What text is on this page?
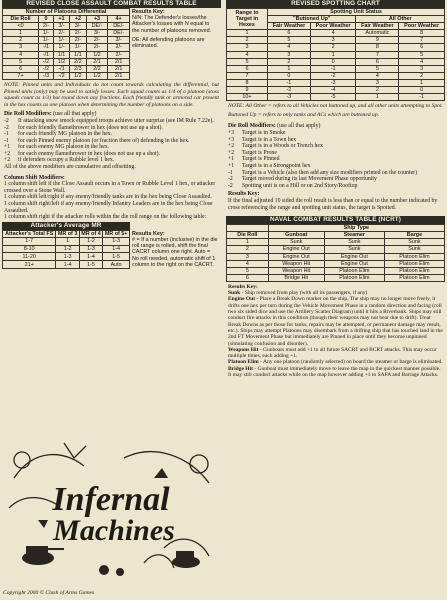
REVISED CLOSE ASSAULT COMBAT RESULTS TABLE
Number of Platoons Differential					
Die Roll	0	+1	+2	+3	4+
<0	2/-	3/-	3/-	DE/-	DE/-
1	1/-	2/-	2/-	3/-	DE/-
2	1/-	1/-	2/-	2/-	3/-
3	-/1	1/-	1/-	2/-	2/-
4	-/1	1/1	1/1	1/2	2/-
5	-/2	1/2	2/2	2/1	2/1
6	-/2	-/1	2/3	2/2	2/1
7+	-/3	-/2	1/2	1/2	2/1
Results Key:
N/N: The Defender's losses/the Attacker's losses with N equal to the number of platoons removed.
DE: All defending platoons are eliminated.
NOTE: Pinned units and Individuals do not count towards calculating the differential, but Pinned units (only) may be used to satisfy losses. Each squad counts as 1/4 of a platoon (stoss squads count as 1/3) but round down any fractions. Each friendly tank or armored car present in the hex counts as one platoon when determining the number of platoons on a side.
Die Roll Modifiers: (use all that apply)
-2	If attacking snow smock equipped troops achieve utter surprise (see IM Rule 7.22e).
-2	for each friendly flamethrower in hex (does not use up a shot).
-1	for each friendly MG platoon in the hex.
-1	for each Pinned enemy platoon (or fraction there of) defending in the hex.
+1	for each enemy MG platoon in the hex.
+2	for each enemy flamethrower in hex (does not use up a shot).
+2	if defenders occupy a Rubble level 1 hex.
All of the above modifiers are cumulative and offsetting.
Column Shift Modifiers:
1 column shift left if the Close Assault occurs in a Town or Rubble Level 1 hex, or attacker crossed over a Stone Wall.
1 column shift left/right if any enemy/friendly tanks are in the hex being Close Assaulted.
1 column shift right/left if any enemy/friendly Infantry Leaders are in the hex being Close Assaulted.
1 column shift right if the attacker rolls within the die roll range on the following table:
Attacker's Average MR
Attacker's Total FS	MR of 3	MR of 4	MR of 5+
1-7	1	1-2	1-3
8-10	1-2	1-3	1-4
11-20	1-3	1-4	1-5
21+	1-4	1-5	Auto
Results Key:
# = If a number (inclusive) in the die roll range is rolled, shift the final CACRT column one right. Auto = No roll needed, automatic shift of 1 column to the right on the CACRT.
Infernal
Machines
Copyright 2000 © Clash of Arms Games
REVISED SPOTTING CHART
Range to Target in Hexes	Spotting Unit Status			
	"Buttoned Up"		All Other	
	Fair Weather	Poor Weather	Fair Weather	Poor Weather
1	6	4	Automatic	8
2	5	3	9	7
3	4	2	8	6
4	3	1	7	5
5	2	0	6	4
6	1	-1	5	3
7	0	-2	4	2
8	-1	-3	3	1
9	-2	-4	2	0
10+	-3	-5	1	-1
NOTE: All Other = refers to all Vehicles not buttoned up, and all other units attempting to Spot.
Buttoned Up = refers to only tanks and ACs which are buttoned up.
Die Roll Modifiers: (use all that apply)
+3	Target is in Smoke
+3	Target is in a Town hex
+2	Target is in a Woods or Trench hex
+2	Target is Prone
+1	Target is Pinned
+1	Target is in a Strongpoint hex
-1	Target is a Vehicle (also then add any size modifiers printed on the counter)
-2	Target moved during its last Movement Phase opportunity
-2	Spotting unit is on a Hill or on 2nd Story/Rooftop
Results Key:
If the final adjusted 10 sided die roll result is less than or equal to the number indicated by cross referencing the range and spotting unit status, the target is Spotted.
NAVAL COMBAT RESULTS TABLE (NCRT)
	Ship Type		
Die Roll	Gunboat	Steamer	Barge
1	Sunk	Sunk	Sunk
2	Engine Out	Sunk	Sunk
3	Engine Out	Engine Out	Platoon Elim
4	Weapon Hit	Engine Out	Platoon Elim
5	Weapon Hit	Platoon Elim	Platoon Elim
6	Bridge Hit	Platoon Elim	Platoon Elim
Results Key:
Sunk - Ship removed from play (with all its passengers, if any)
Engine Out - Place a Break Down marker on the ship. The ship may no longer move freely, it drifts one hex per turn during the Vehicle Movement Phase in a random direction and facing (roll two six sided dice and use the Artillery Scatter Diagram) until it hits a Riverbank. Ships may still conduct fire attacks in this condition (though their weapons may not bear due to drift). Treat Break Downs as per those for tanks, repairs may be attempted, or permanent damage may result, etc.). Ships may attempt Platoons may disembark from a drifting ship that has touched land in the 2nd FT Movement Phase but immediately are Pinned in place until they become unpinned (simulating confusion and disorder).
Weapons Hit - Gunboats must add +1 to all future SACRT and BCRT attacks. This may occur multiple times, each adding +1.
Platoon Elim - Any one platoon (randomly selected) on board the steamer or barge is eliminated.
Bridge Hit - Gunboat must immediately move to leave the map in the quickest manner possible. It may still conduct attacks while on the map however adding +1 to SAFA and Barrage Attacks.
